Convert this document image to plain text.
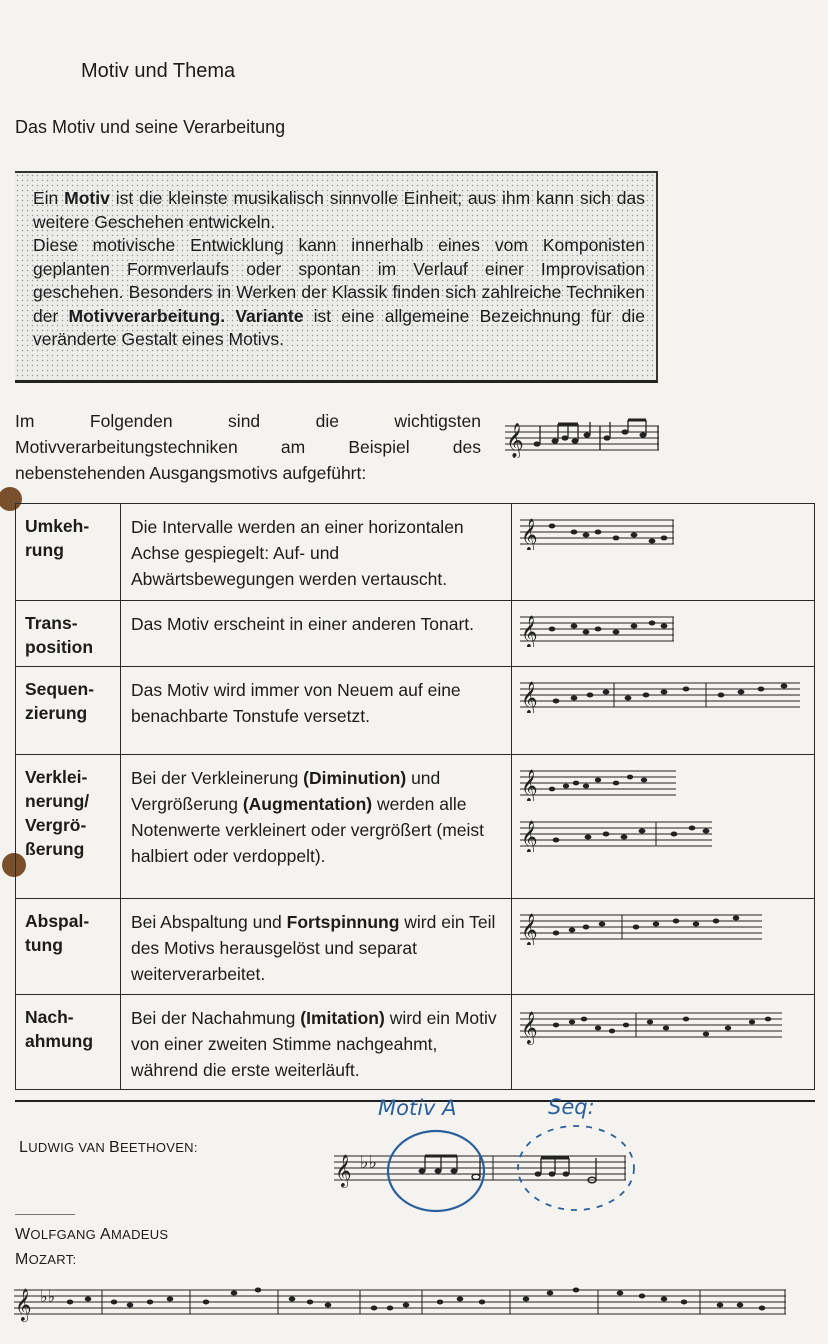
Motiv und Thema
Das Motiv und seine Verarbeitung

Ein Motiv ist die kleinste musikalisch sinnvolle Einheit; aus ihm kann sich das weitere Geschehen entwickeln.
Diese motivische Entwicklung kann innerhalb eines vom Komponisten geplanten Formverlaufs oder spontan im Verlauf einer Improvisation geschehen. Besonders in Werken der Klassik finden sich zahlreiche Techniken der Motivverarbeitung. Variante ist eine allgemeine Bezeichnung für die veränderte Gestalt eines Motivs.

Im Folgenden sind die wichtigsten Motivverarbeitungstechniken am Beispiel des nebenstehenden Ausgangsmotivs aufgeführt:

𝄞
Umkeh-rung	Die Intervalle werden an einer horizontalen Achse gespiegelt: Auf- und Abwärtsbewegungen werden vertauscht.	𝄞

Trans-position	Das Motiv erscheint in einer anderen Tonart.	𝄞

Sequen-zierung	Das Motiv wird immer von Neuem auf eine benachbarte Tonstufe versetzt.	𝄞

Verklei-nerung/ Vergrö-ßerung	Bei der Verkleinerung (Diminution) und Vergrößerung (Augmentation) werden alle Notenwerte verkleinert oder vergrößert (meist halbiert oder verdoppelt).	𝄞

𝄞

Abspal-tung	Bei Abspaltung und Fortspinnung wird ein Teil des Motivs herausgelöst und separat weiterverarbeitet.	𝄞

Nach-ahmung	Bei der Nachahmung (Imitation) wird ein Motiv von einer zweiten Stimme nachgeahmt, während die erste weiterläuft.	𝄞
LUDWIG VAN BEETHOVEN:
Motiv A	Seq:
𝄞 ♭♭
WOLFGANG AMADEUS
MOZART:
𝄞 ♭♭
